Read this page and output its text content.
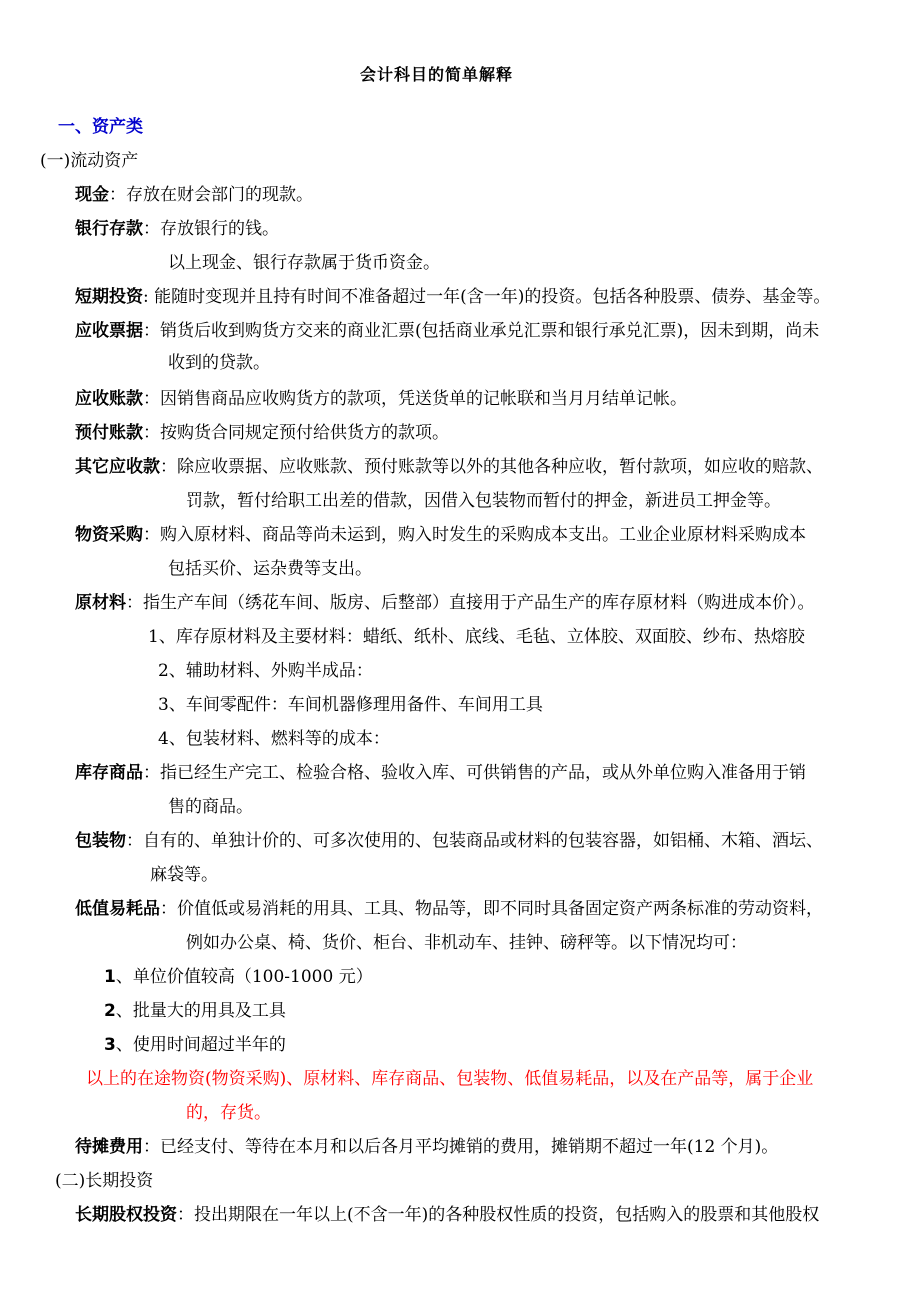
会计科目的简单解释
一、资产类
(一)流动资产
现金：存放在财会部门的现款。
银行存款：存放银行的钱。
以上现金、银行存款属于货币资金。
短期投资: 能随时变现并且持有时间不准备超过一年(含一年)的投资。包括各种股票、债券、基金等。
应收票据：销货后收到购货方交来的商业汇票(包括商业承兑汇票和银行承兑汇票)，因未到期，尚未
收到的贷款。
应收账款：因销售商品应收购货方的款项，凭送货单的记帐联和当月月结单记帐。
预付账款：按购货合同规定预付给供货方的款项。
其它应收款：除应收票据、应收账款、预付账款等以外的其他各种应收，暂付款项，如应收的赔款、
罚款，暂付给职工出差的借款，因借入包装物而暂付的押金，新进员工押金等。
物资采购：购入原材料、商品等尚未运到，购入时发生的采购成本支出。工业企业原材料采购成本
包括买价、运杂费等支出。
原材料：指生产车间（绣花车间、版房、后整部）直接用于产品生产的库存原材料（购进成本价）。
1、库存原材料及主要材料：蜡纸、纸朴、底线、毛毡、立体胶、双面胶、纱布、热熔胶
2、辅助材料、外购半成品：
3、车间零配件：车间机器修理用备件、车间用工具
4、包装材料、燃料等的成本：
库存商品：指已经生产完工、检验合格、验收入库、可供销售的产品，或从外单位购入准备用于销
售的商品。
包装物：自有的、单独计价的、可多次使用的、包装商品或材料的包装容器，如铝桶、木箱、酒坛、
麻袋等。
低值易耗品：价值低或易消耗的用具、工具、物品等，即不同时具备固定资产两条标准的劳动资料，
例如办公桌、椅、货价、柜台、非机动车、挂钟、磅秤等。以下情况均可：
1、单位价值较高（100-1000 元）
2、批量大的用具及工具
3、使用时间超过半年的
以上的在途物资(物资采购)、原材料、库存商品、包装物、低值易耗品，以及在产品等，属于企业
的，存货。
待摊费用：已经支付、等待在本月和以后各月平均摊销的费用，摊销期不超过一年(12 个月)。
(二)长期投资
长期股权投资：投出期限在一年以上(不含一年)的各种股权性质的投资，包括购入的股票和其他股权
